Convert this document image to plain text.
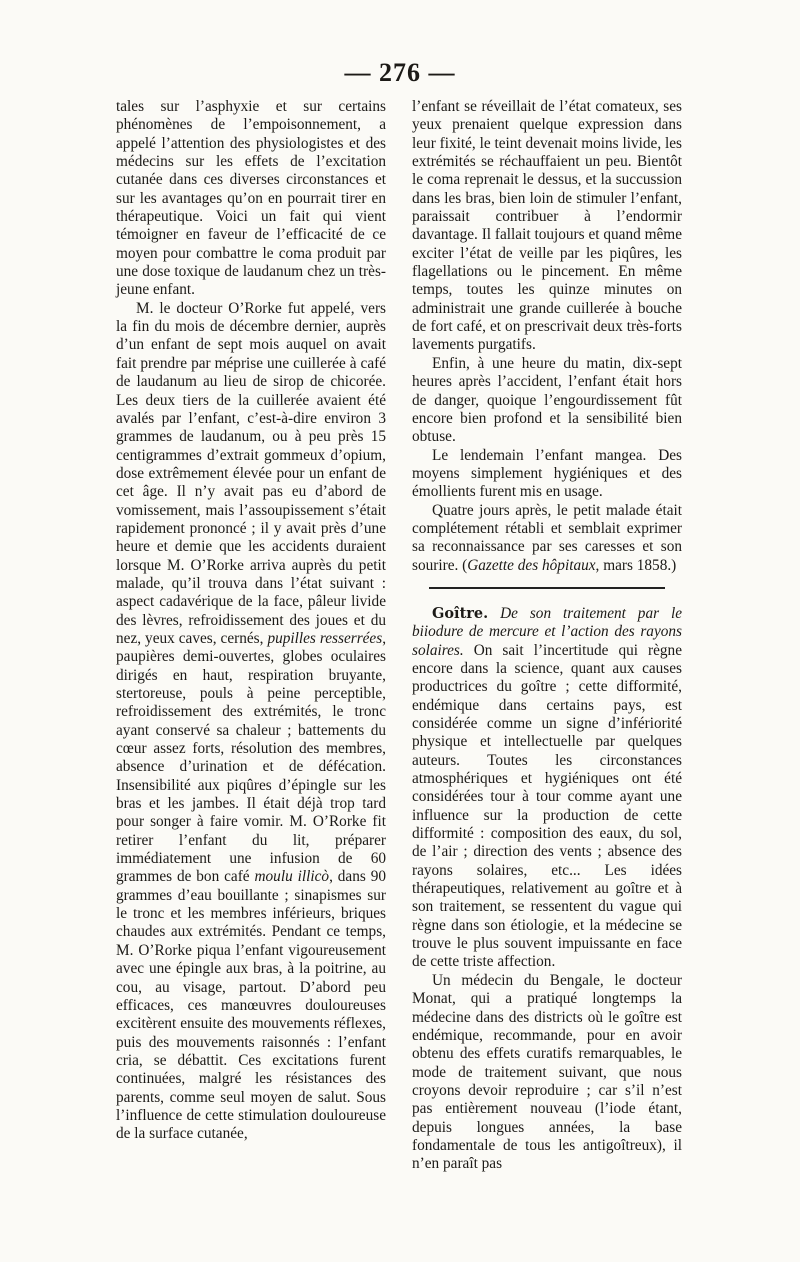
— 276 —

tales sur l’asphyxie et sur certains phénomènes de l’empoisonnement, a appelé l’attention des physiologistes et des médecins sur les effets de l’excitation cutanée dans ces diverses circonstances et sur les avantages qu’on en pourrait tirer en thérapeutique. Voici un fait qui vient témoigner en faveur de l’efficacité de ce moyen pour combattre le coma produit par une dose toxique de laudanum chez un très-jeune enfant.

M. le docteur O’Rorke fut appelé, vers la fin du mois de décembre dernier, auprès d’un enfant de sept mois auquel on avait fait prendre par méprise une cuillerée à café de laudanum au lieu de sirop de chicorée. Les deux tiers de la cuillerée avaient été avalés par l’enfant, c’est-à-dire environ 3 grammes de laudanum, ou à peu près 15 centigrammes d’extrait gommeux d’opium, dose extrêmement élevée pour un enfant de cet âge. Il n’y avait pas eu d’abord de vomissement, mais l’assoupissement s’était rapidement prononcé ; il y avait près d’une heure et demie que les accidents duraient lorsque M. O’Rorke arriva auprès du petit malade, qu’il trouva dans l’état suivant : aspect cadavérique de la face, pâleur livide des lèvres, refroidissement des joues et du nez, yeux caves, cernés, pupilles resserrées, paupières demi-ouvertes, globes oculaires dirigés en haut, respiration bruyante, stertoreuse, pouls à peine perceptible, refroidissement des extrémités, le tronc ayant conservé sa chaleur ; battements du cœur assez forts, résolution des membres, absence d’urination et de défécation. Insensibilité aux piqûres d’épingle sur les bras et les jambes. Il était déjà trop tard pour songer à faire vomir. M. O’Rorke fit retirer l’enfant du lit, préparer immédiatement une infusion de 60 grammes de bon café moulu illicò, dans 90 grammes d’eau bouillante ; sinapismes sur le tronc et les membres inférieurs, briques chaudes aux extrémités. Pendant ce temps, M. O’Rorke piqua l’enfant vigoureusement avec une épingle aux bras, à la poitrine, au cou, au visage, partout. D’abord peu efficaces, ces manœuvres douloureuses excitèrent ensuite des mouvements réflexes, puis des mouvements raisonnés : l’enfant cria, se débattit. Ces excitations furent continuées, malgré les résistances des parents, comme seul moyen de salut. Sous l’influence de cette stimulation douloureuse de la surface cutanée,

l’enfant se réveillait de l’état comateux, ses yeux prenaient quelque expression dans leur fixité, le teint devenait moins livide, les extrémités se réchauffaient un peu. Bientôt le coma reprenait le dessus, et la succussion dans les bras, bien loin de stimuler l’enfant, paraissait contribuer à l’endormir davantage. Il fallait toujours et quand même exciter l’état de veille par les piqûres, les flagellations ou le pincement. En même temps, toutes les quinze minutes on administrait une grande cuillerée à bouche de fort café, et on prescrivait deux très-forts lavements purgatifs.

Enfin, à une heure du matin, dix-sept heures après l’accident, l’enfant était hors de danger, quoique l’engourdissement fût encore bien profond et la sensibilité bien obtuse.

Le lendemain l’enfant mangea. Des moyens simplement hygiéniques et des émollients furent mis en usage.

Quatre jours après, le petit malade était complétement rétabli et semblait exprimer sa reconnaissance par ses caresses et son sourire. (Gazette des hôpitaux, mars 1858.)

Goître. De son traitement par le biiodure de mercure et l’action des rayons solaires. On sait l’incertitude qui règne encore dans la science, quant aux causes productrices du goître ; cette difformité, endémique dans certains pays, est considérée comme un signe d’infériorité physique et intellectuelle par quelques auteurs. Toutes les circonstances atmosphériques et hygiéniques ont été considérées tour à tour comme ayant une influence sur la production de cette difformité : composition des eaux, du sol, de l’air ; direction des vents ; absence des rayons solaires, etc... Les idées thérapeutiques, relativement au goître et à son traitement, se ressentent du vague qui règne dans son étiologie, et la médecine se trouve le plus souvent impuissante en face de cette triste affection.

Un médecin du Bengale, le docteur Monat, qui a pratiqué longtemps la médecine dans des districts où le goître est endémique, recommande, pour en avoir obtenu des effets curatifs remarquables, le mode de traitement suivant, que nous croyons devoir reproduire ; car s’il n’est pas entièrement nouveau (l’iode étant, depuis longues années, la base fondamentale de tous les antigoîtreux), il n’en paraît pas
